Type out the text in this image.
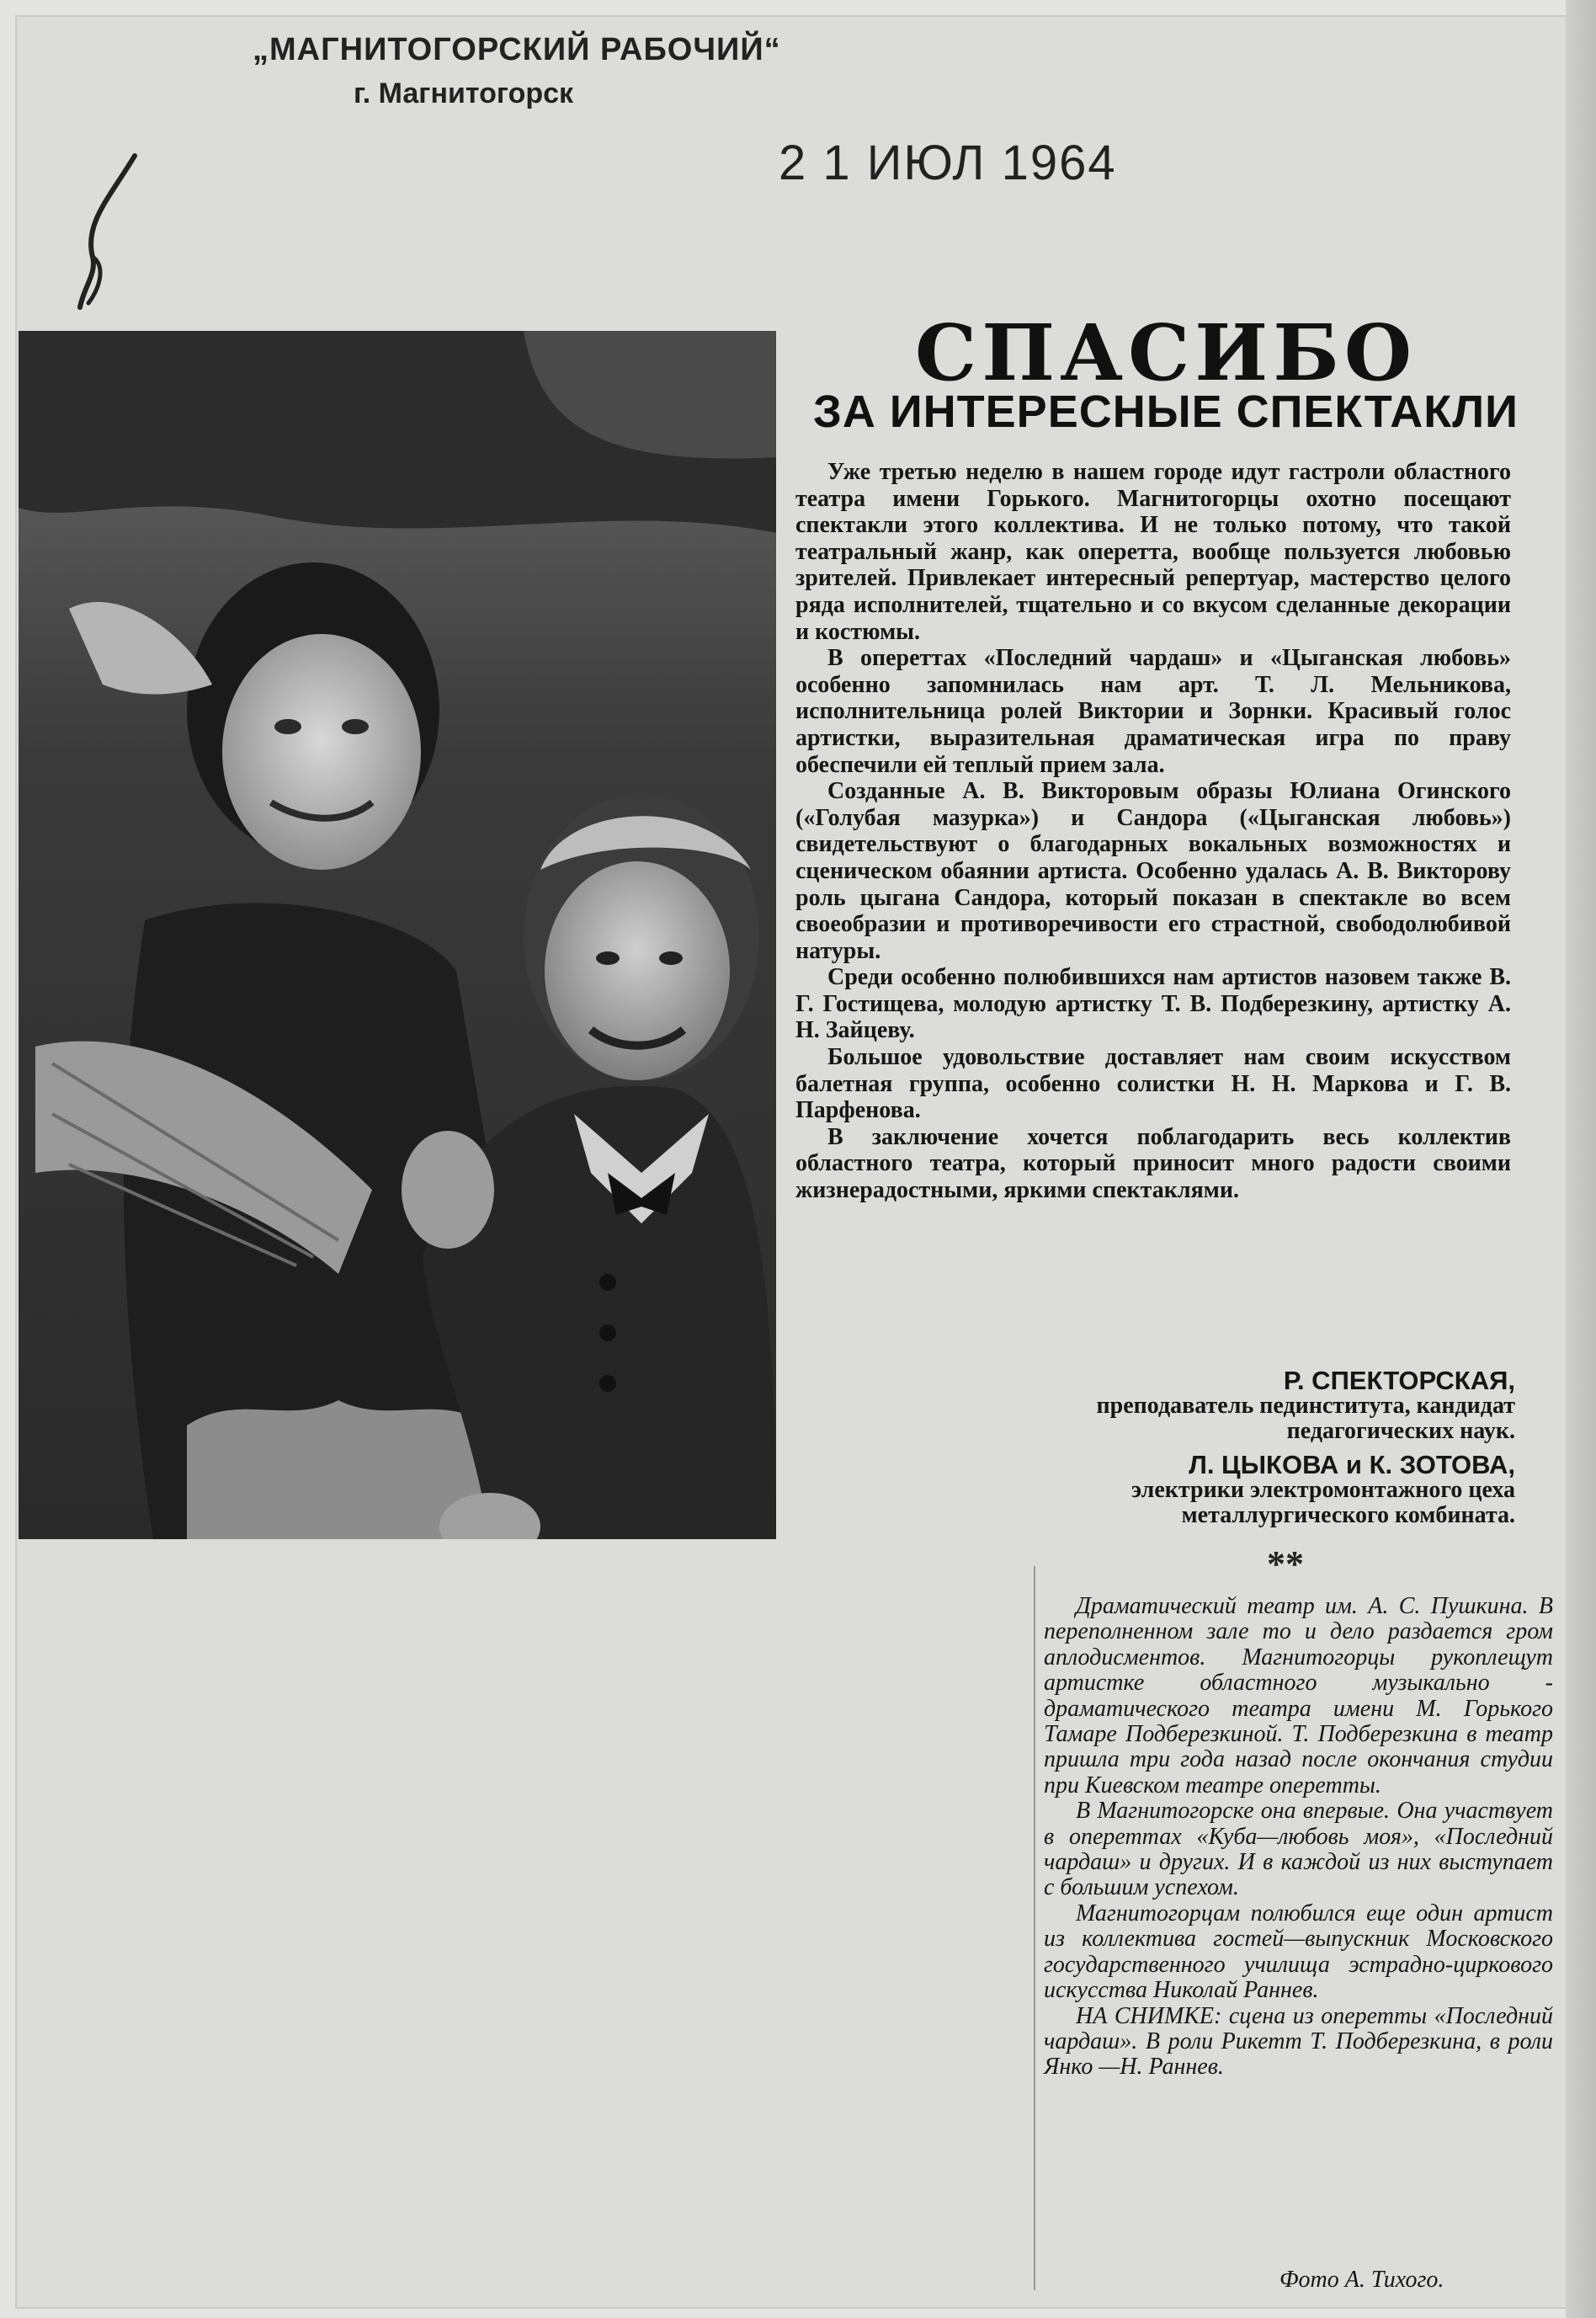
„МАГНИТОГОРСКИЙ РАБОЧИЙ“
г. Магнитогорск
2 1 ИЮЛ 1964
СПАСИБО
ЗА ИНТЕРЕСНЫЕ СПЕКТАКЛИ

Уже третью неделю в нашем городе идут гастроли областного театра имени Горького. Магнитогорцы охотно посещают спектакли этого коллектива. И не только потому, что такой театральный жанр, как оперетта, вообще пользуется любовью зрителей. Привлекает интересный репертуар, мастерство целого ряда исполнителей, тщательно и со вкусом сделанные декорации и костюмы.

В опереттах «Последний чардаш» и «Цыганская любовь» особенно запомнилась нам арт. Т. Л. Мельникова, исполнительница ролей Виктории и Зорнки. Красивый голос артистки, выразительная драматическая игра по праву обеспечили ей теплый прием зала.

Созданные А. В. Викторовым образы Юлиана Огинского («Голубая мазурка») и Сандора («Цыганская любовь») свидетельствуют о благодарных вокальных возможностях и сценическом обаянии артиста. Особенно удалась А. В. Викторову роль цыгана Сандора, который показан в спектакле во всем своеобразии и противоречивости его страстной, свободолюбивой натуры.

Среди особенно полюбившихся нам артистов назовем также В. Г. Гостищева, молодую артистку Т. В. Подберезкину, артистку А. Н. Зайцеву.

Большое удовольствие доставляет нам своим искусством балетная группа, особенно солистки Н. Н. Маркова и Г. В. Парфенова.

В заключение хочется поблагодарить весь коллектив областного театра, который приносит много радости своими жизнерадостными, яркими спектаклями.

Р. СПЕКТОРСКАЯ,
преподаватель пединститута, кандидат педагогических наук.
Л. ЦЫКОВА и К. ЗОТОВА,
электрики электромонтажного цеха металлургического комбината.
**

Драматический театр им. А. С. Пушкина. В переполненном зале то и дело раздается гром аплодисментов. Магнитогорцы рукоплещут артистке областного музыкально - драматического театра имени М. Горького Тамаре Подберезкиной. Т. Подберезкина в театр пришла три года назад после окончания студии при Киевском театре оперетты.

В Магнитогорске она впервые. Она участвует в опереттах «Куба—любовь моя», «Последний чардаш» и других. И в каждой из них выступает с большим успехом.

Магнитогорцам полюбился еще один артист из коллектива гостей—выпускник Московского государственного училища эстрадно-циркового искусства Николай Раннев.

НА СНИМКЕ: сцена из оперетты «Последний чардаш». В роли Рикетт Т. Подберезкина, в роли Янко —Н. Раннев.

Фото А. Тихого.
